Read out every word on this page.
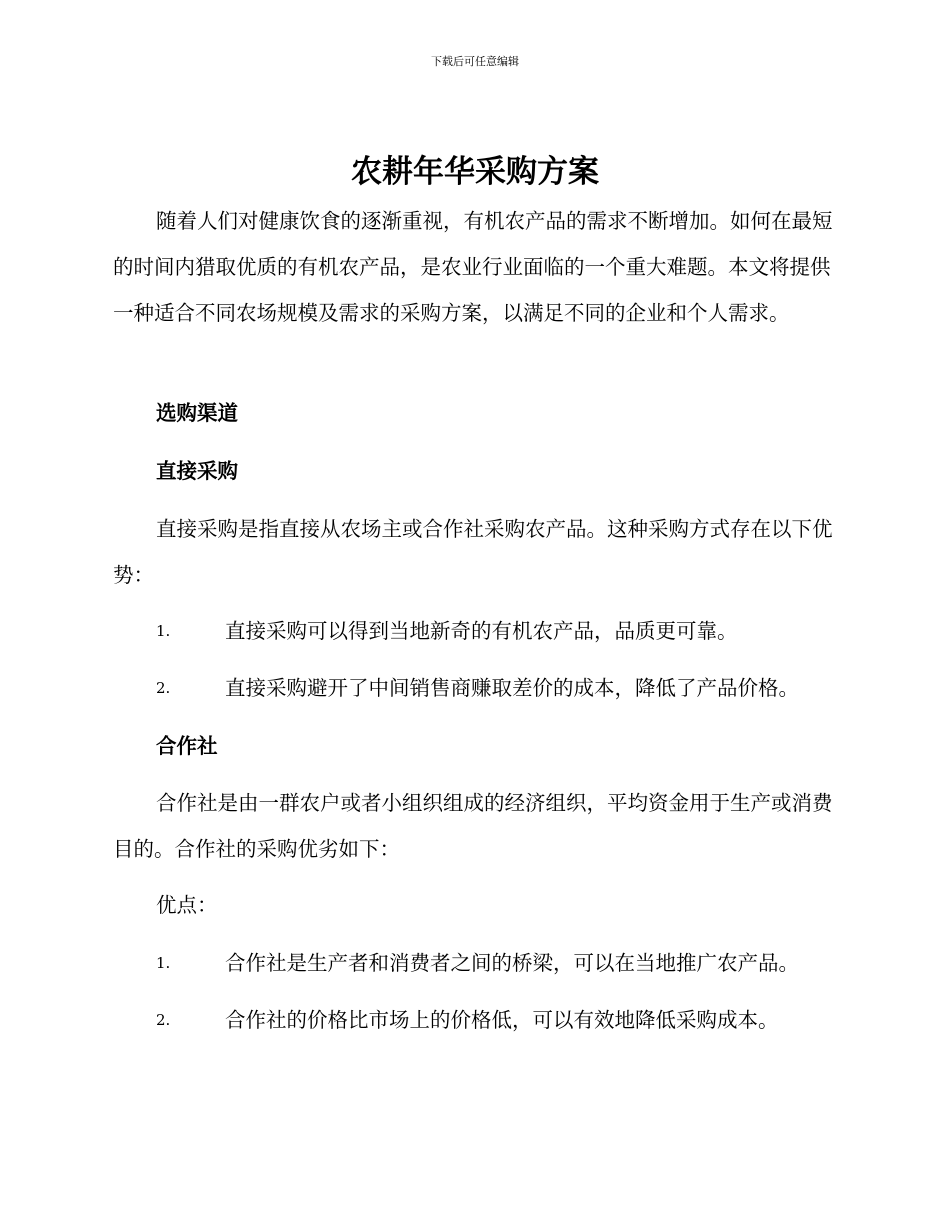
下载后可任意编辑
农耕年华采购方案

随着人们对健康饮食的逐渐重视，有机农产品的需求不断增加。如何在最短的时间内猎取优质的有机农产品，是农业行业面临的一个重大难题。本文将提供一种适合不同农场规模及需求的采购方案，以满足不同的企业和个人需求。

选购渠道
直接采购

直接采购是指直接从农场主或合作社采购农产品。这种采购方式存在以下优势：

1.	直接采购可以得到当地新奇的有机农产品，品质更可靠。
2.	直接采购避开了中间销售商赚取差价的成本，降低了产品价格。
合作社

合作社是由一群农户或者小组织组成的经济组织，平均资金用于生产或消费目的。合作社的采购优劣如下：

优点：

1.	合作社是生产者和消费者之间的桥梁，可以在当地推广农产品。
2.	合作社的价格比市场上的价格低，可以有效地降低采购成本。
